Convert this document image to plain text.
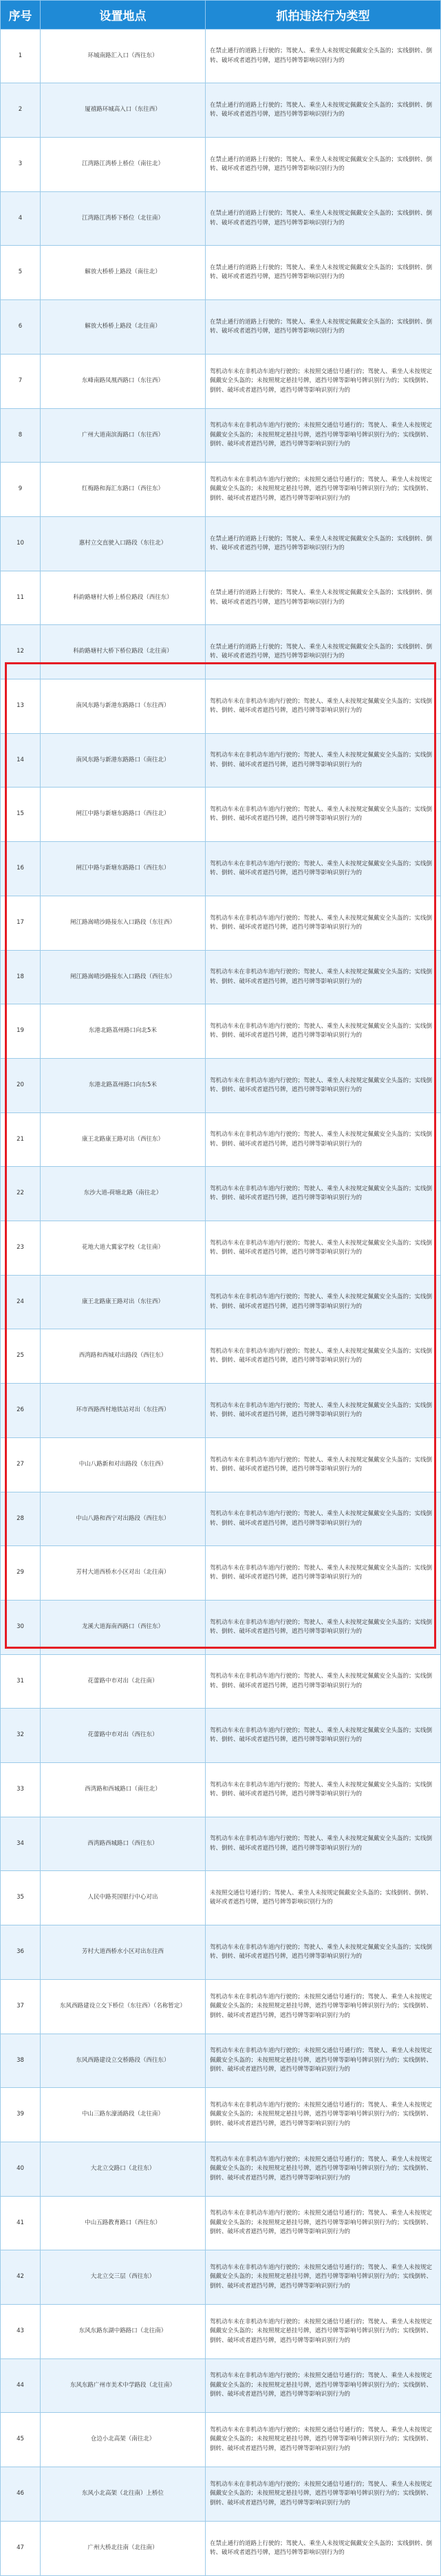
序号	设置地点	抓拍违法行为类型
1	环城南路汇入口（西往东）	在禁止通行的道路上行驶的；驾驶人、乘坐人未按规定佩戴安全头盔的；实线倒转、倒转、破坏或者遮挡号牌，遮挡号牌等影响识别行为的
2	厦禧路环城高入口（东往西）	在禁止通行的道路上行驶的；驾驶人、乘坐人未按规定佩戴安全头盔的；实线倒转、倒转、破坏或者遮挡号牌，遮挡号牌等影响识别行为的
3	江湾路江湾桥上桥位（南往北）	在禁止通行的道路上行驶的；驾驶人、乘坐人未按规定佩戴安全头盔的；实线倒转、倒转、破坏或者遮挡号牌，遮挡号牌等影响识别行为的
4	江湾路江湾桥下桥位（北往南）	在禁止通行的道路上行驶的；驾驶人、乘坐人未按规定佩戴安全头盔的；实线倒转、倒转、破坏或者遮挡号牌，遮挡号牌等影响识别行为的
5	解放大桥桥上路段（南往北）	在禁止通行的道路上行驶的；驾驶人、乘坐人未按规定佩戴安全头盔的；实线倒转、倒转、破坏或者遮挡号牌，遮挡号牌等影响识别行为的
6	解放大桥桥上路段（北往南）	在禁止通行的道路上行驶的；驾驶人、乘坐人未按规定佩戴安全头盔的；实线倒转、倒转、破坏或者遮挡号牌，遮挡号牌等影响识别行为的
7	东峰南路凤凰西路口（东往西）	驾机动车未在非机动车道内行驶的；未按照交通信号通行的；驾驶人、乘坐人未按规定佩戴安全头盔的；未按照规定悬挂号牌，遮挡号牌等影响号牌识别行为的；实线倒转、倒转、破坏或者遮挡号牌，遮挡号牌等影响识别行为的
8	广州大道南滨海路口（东往西）	驾机动车未在非机动车道内行驶的；未按照交通信号通行的；驾驶人、乘坐人未按规定佩戴安全头盔的；未按照规定悬挂号牌，遮挡号牌等影响号牌识别行为的；实线倒转、倒转、破坏或者遮挡号牌，遮挡号牌等影响识别行为的
9	红梅路和海汇东路口（西往东）	驾机动车未在非机动车道内行驶的；未按照交通信号通行的；驾驶人、乘坐人未按规定佩戴安全头盔的；未按照规定悬挂号牌，遮挡号牌等影响号牌识别行为的；实线倒转、倒转、破坏或者遮挡号牌，遮挡号牌等影响识别行为的
10	惠村立交直驶入口路段（东往北）	在禁止通行的道路上行驶的；驾驶人、乘坐人未按规定佩戴安全头盔的；实线倒转、倒转、破坏或者遮挡号牌，遮挡号牌等影响识别行为的
11	科韵路塘村大桥上桥位路段（西往东）	在禁止通行的道路上行驶的；驾驶人、乘坐人未按规定佩戴安全头盔的；实线倒转、倒转、破坏或者遮挡号牌，遮挡号牌等影响识别行为的
12	科韵路塘村大桥下桥位路段（北往南）	在禁止通行的道路上行驶的；驾驶人、乘坐人未按规定佩戴安全头盔的；实线倒转、倒转、破坏或者遮挡号牌，遮挡号牌等影响识别行为的
13	南风东路与新港东路路口（东往西）	驾机动车未在非机动车道内行驶的；驾驶人、乘坐人未按规定佩戴安全头盔的；实线倒转、倒转、破坏或者遮挡号牌，遮挡号牌等影响识别行为的
14	南风东路与新港东路路口（南往北）	驾机动车未在非机动车道内行驶的；驾驶人、乘坐人未按规定佩戴安全头盔的；实线倒转、倒转、破坏或者遮挡号牌，遮挡号牌等影响识别行为的
15	闸江中路与新塘东路路口（西往北）	驾机动车未在非机动车道内行驶的；驾驶人、乘坐人未按规定佩戴安全头盔的；实线倒转、倒转、破坏或者遮挡号牌，遮挡号牌等影响识别行为的
16	闸江中路与新塘东路路口（西往东）	驾机动车未在非机动车道内行驶的；驾驶人、乘坐人未按规定佩戴安全头盔的；实线倒转、倒转、破坏或者遮挡号牌，遮挡号牌等影响识别行为的
17	闸江路嵩晴沙路接东入口路段（东往西）	驾机动车未在非机动车道内行驶的；驾驶人、乘坐人未按规定佩戴安全头盔的；实线倒转、倒转、破坏或者遮挡号牌，遮挡号牌等影响识别行为的
18	闸江路嵩晴沙路接东入口路段（西往东）	驾机动车未在非机动车道内行驶的；驾驶人、乘坐人未按规定佩戴安全头盔的；实线倒转、倒转、破坏或者遮挡号牌，遮挡号牌等影响识别行为的
19	东港北路荔州路口向北5米	驾机动车未在非机动车道内行驶的；驾驶人、乘坐人未按规定佩戴安全头盔的；实线倒转、倒转、破坏或者遮挡号牌，遮挡号牌等影响识别行为的
20	东港北路荔州路口向东5米	驾机动车未在非机动车道内行驶的；驾驶人、乘坐人未按规定佩戴安全头盔的；实线倒转、倒转、破坏或者遮挡号牌，遮挡号牌等影响识别行为的
21	康王北路康王路对出（西往东）	驾机动车未在非机动车道内行驶的；驾驶人、乘坐人未按规定佩戴安全头盔的；实线倒转、倒转、破坏或者遮挡号牌，遮挡号牌等影响识别行为的
22	东沙大道-荷塘北路（南往北）	驾机动车未在非机动车道内行驶的；驾驶人、乘坐人未按规定佩戴安全头盔的；实线倒转、倒转、破坏或者遮挡号牌，遮挡号牌等影响识别行为的
23	花地大道大翼家学校（北往南）	驾机动车未在非机动车道内行驶的；驾驶人、乘坐人未按规定佩戴安全头盔的；实线倒转、倒转、破坏或者遮挡号牌，遮挡号牌等影响识别行为的
24	康王北路康王路对出（东往西）	驾机动车未在非机动车道内行驶的；驾驶人、乘坐人未按规定佩戴安全头盔的；实线倒转、倒转、破坏或者遮挡号牌，遮挡号牌等影响识别行为的
25	西湾路和西城对出路段（西往东）	驾机动车未在非机动车道内行驶的；驾驶人、乘坐人未按规定佩戴安全头盔的；实线倒转、倒转、破坏或者遮挡号牌，遮挡号牌等影响识别行为的
26	环市西路西村地铁站对出（东往西）	驾机动车未在非机动车道内行驶的；驾驶人、乘坐人未按规定佩戴安全头盔的；实线倒转、倒转、破坏或者遮挡号牌，遮挡号牌等影响识别行为的
27	中山八路新和对出路段（东往西）	驾机动车未在非机动车道内行驶的；驾驶人、乘坐人未按规定佩戴安全头盔的；实线倒转、倒转、破坏或者遮挡号牌，遮挡号牌等影响识别行为的
28	中山八路和西宁对出路段（西往东）	驾机动车未在非机动车道内行驶的；驾驶人、乘坐人未按规定佩戴安全头盔的；实线倒转、倒转、破坏或者遮挡号牌，遮挡号牌等影响识别行为的
29	芳村大道西桥水小区对出（北往南）	驾机动车未在非机动车道内行驶的；驾驶人、乘坐人未按规定佩戴安全头盔的；实线倒转、倒转、破坏或者遮挡号牌，遮挡号牌等影响识别行为的
30	龙溪大道海南西路口（西往东）	驾机动车未在非机动车道内行驶的；驾驶人、乘坐人未按规定佩戴安全头盔的；实线倒转、倒转、破坏或者遮挡号牌，遮挡号牌等影响识别行为的
31	花蕾路中市对出（北往南）	驾机动车未在非机动车道内行驶的；驾驶人、乘坐人未按规定佩戴安全头盔的；实线倒转、倒转、破坏或者遮挡号牌，遮挡号牌等影响识别行为的
32	花蕾路中市对出（西往东）	驾机动车未在非机动车道内行驶的；驾驶人、乘坐人未按规定佩戴安全头盔的；实线倒转、倒转、破坏或者遮挡号牌，遮挡号牌等影响识别行为的
33	西湾路和西城路口（南往北）	驾机动车未在非机动车道内行驶的；驾驶人、乘坐人未按规定佩戴安全头盔的；实线倒转、倒转、破坏或者遮挡号牌，遮挡号牌等影响识别行为的
34	西湾路西城路口（西往东）	驾机动车未在非机动车道内行驶的；驾驶人、乘坐人未按规定佩戴安全头盔的；实线倒转、倒转、破坏或者遮挡号牌，遮挡号牌等影响识别行为的
35	人民中路英国银行中心对出	未按照交通信号通行的；驾驶人、乘坐人未按规定佩戴安全头盔的；实线倒转、倒转、破坏或者遮挡号牌，遮挡号牌等影响识别行为的
36	芳村大道西桥水小区对出东往西	驾机动车未在非机动车道内行驶的；驾驶人、乘坐人未按规定佩戴安全头盔的；实线倒转、倒转、破坏或者遮挡号牌，遮挡号牌等影响识别行为的
37	东风西路建设立交下桥位（东往西）（名称暂定）	驾机动车未在非机动车道内行驶的；未按照交通信号通行的；驾驶人、乘坐人未按规定佩戴安全头盔的；未按照规定悬挂号牌，遮挡号牌等影响号牌识别行为的；实线倒转、倒转、破坏或者遮挡号牌，遮挡号牌等影响识别行为的
38	东风西路建设立交桥路段（西往东）	驾机动车未在非机动车道内行驶的；未按照交通信号通行的；驾驶人、乘坐人未按规定佩戴安全头盔的；未按照规定悬挂号牌，遮挡号牌等影响号牌识别行为的；实线倒转、倒转、破坏或者遮挡号牌，遮挡号牌等影响识别行为的
39	中山三路东濠涌路段（北往南）	驾机动车未在非机动车道内行驶的；未按照交通信号通行的；驾驶人、乘坐人未按规定佩戴安全头盔的；未按照规定悬挂号牌，遮挡号牌等影响号牌识别行为的；实线倒转、倒转、破坏或者遮挡号牌，遮挡号牌等影响识别行为的
40	大北立交路口（北往东）	驾机动车未在非机动车道内行驶的；未按照交通信号通行的；驾驶人、乘坐人未按规定佩戴安全头盔的；未按照规定悬挂号牌，遮挡号牌等影响号牌识别行为的；实线倒转、倒转、破坏或者遮挡号牌，遮挡号牌等影响识别行为的
41	中山五路教育路口（西往东）	驾机动车未在非机动车道内行驶的；未按照交通信号通行的；驾驶人、乘坐人未按规定佩戴安全头盔的；未按照规定悬挂号牌，遮挡号牌等影响号牌识别行为的；实线倒转、倒转、破坏或者遮挡号牌，遮挡号牌等影响识别行为的
42	大北立交三层（西往东）	驾机动车未在非机动车道内行驶的；未按照交通信号通行的；驾驶人、乘坐人未按规定佩戴安全头盔的；未按照规定悬挂号牌，遮挡号牌等影响号牌识别行为的；实线倒转、倒转、破坏或者遮挡号牌，遮挡号牌等影响识别行为的
43	东风东路东湖中路路口（北往南）	驾机动车未在非机动车道内行驶的；未按照交通信号通行的；驾驶人、乘坐人未按规定佩戴安全头盔的；未按照规定悬挂号牌，遮挡号牌等影响号牌识别行为的；实线倒转、倒转、破坏或者遮挡号牌，遮挡号牌等影响识别行为的
44	东风东路广州市美术中学路段（北往南）	驾机动车未在非机动车道内行驶的；未按照交通信号通行的；驾驶人、乘坐人未按规定佩戴安全头盔的；未按照规定悬挂号牌，遮挡号牌等影响号牌识别行为的；实线倒转、倒转、破坏或者遮挡号牌，遮挡号牌等影响识别行为的
45	仓边小北高架（南往北）	驾机动车未在非机动车道内行驶的；未按照交通信号通行的；驾驶人、乘坐人未按规定佩戴安全头盔的；未按照规定悬挂号牌，遮挡号牌等影响号牌识别行为的；实线倒转、倒转、破坏或者遮挡号牌，遮挡号牌等影响识别行为的
46	东风小北高架（北往南）上桥位	驾机动车未在非机动车道内行驶的；未按照交通信号通行的；驾驶人、乘坐人未按规定佩戴安全头盔的；未按照规定悬挂号牌，遮挡号牌等影响号牌识别行为的；实线倒转、倒转、破坏或者遮挡号牌，遮挡号牌等影响识别行为的
47	广州大桥北往南（北往南）	在禁止通行的道路上行驶的；驾驶人、乘坐人未按规定佩戴安全头盔的；实线倒转、倒转、破坏或者遮挡号牌，遮挡号牌等影响识别行为的
